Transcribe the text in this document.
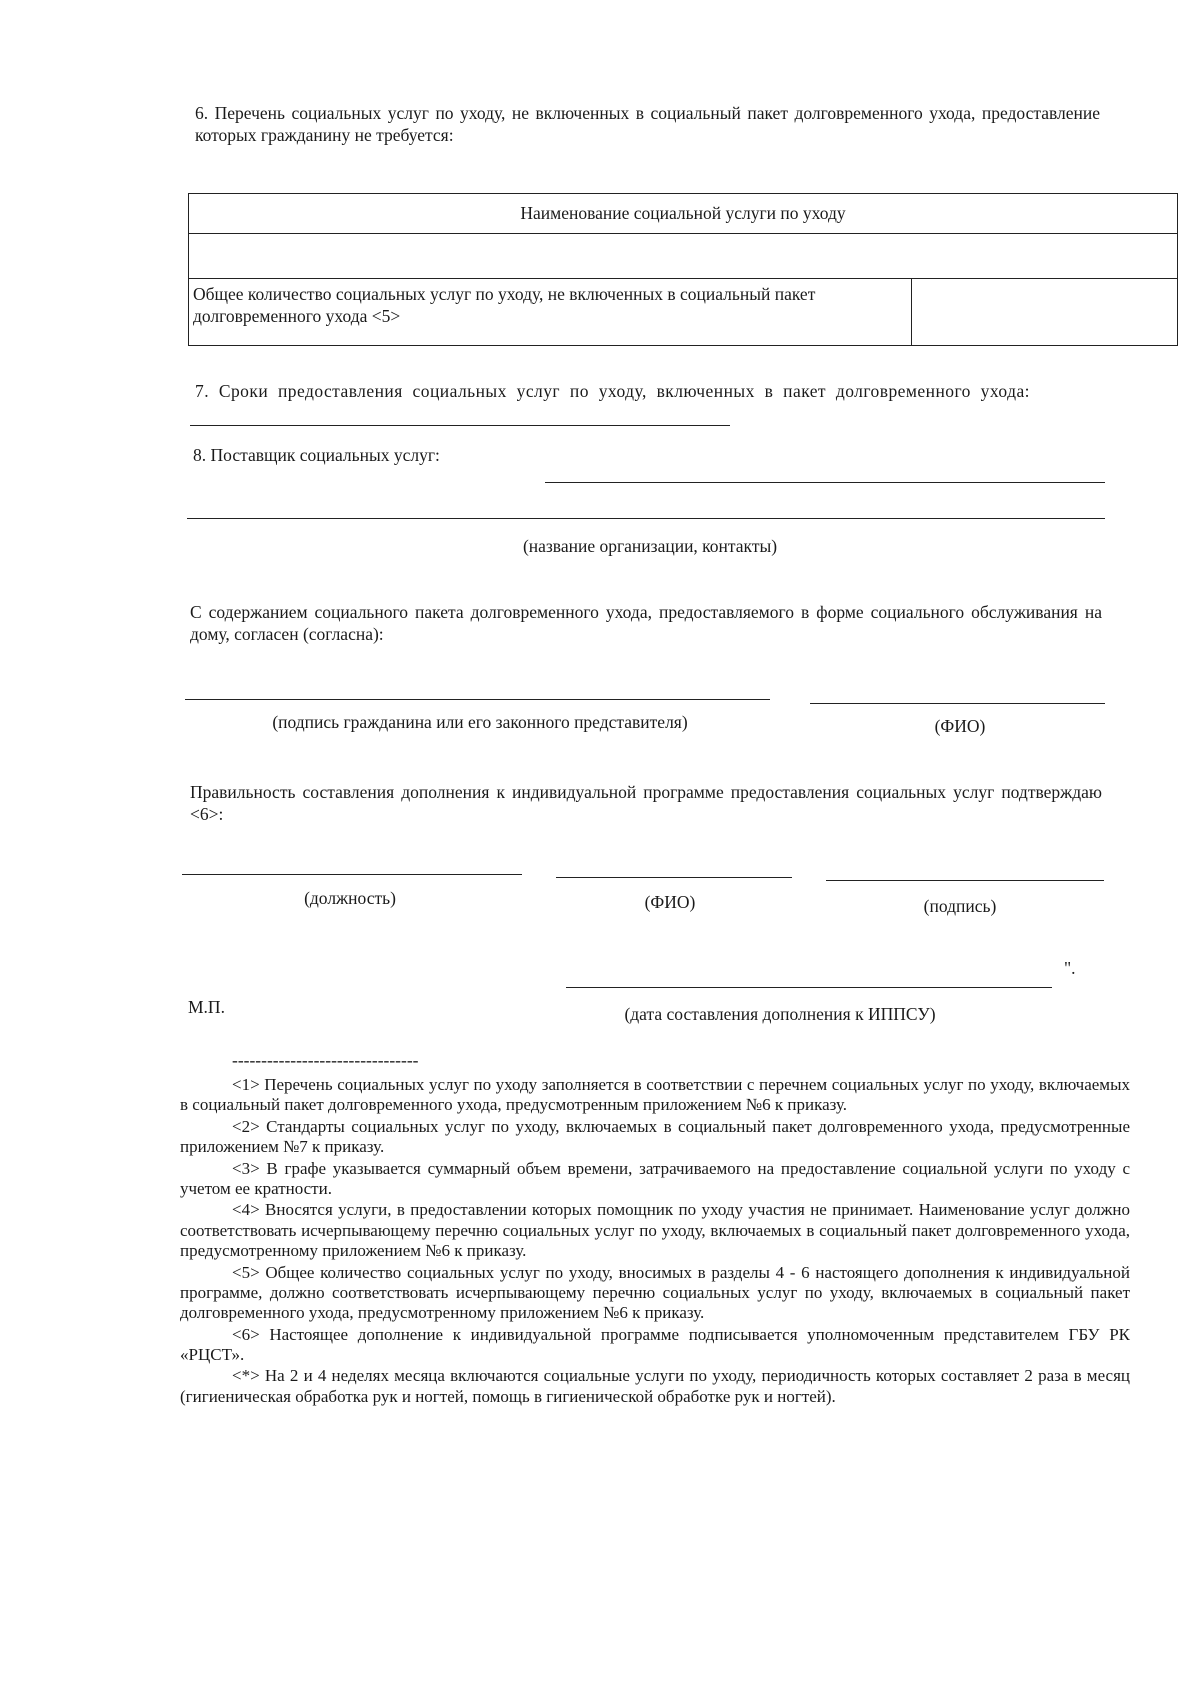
6. Перечень социальных услуг по уходу, не включенных в социальный пакет долговременного ухода, предоставление которых гражданину не требуется:
Наименование социальной услуги по уходу
Общее количество социальных услуг по уходу, не включенных в социальный пакет долговременного ухода <5>
7. Сроки предоставления социальных услуг по уходу, включенных в пакет долговременного ухода:
8. Поставщик социальных услуг:
(название организации, контакты)
С содержанием социального пакета долговременного ухода, предоставляемого в форме социального обслуживания на дому, согласен (согласна):
(подпись гражданина или его законного представителя)	(ФИО)
Правильность составления дополнения к индивидуальной программе предоставления социальных услуг подтверждаю <6>:
(должность)	(ФИО)	(подпись)
".
М.П.	(дата составления дополнения к ИППСУ)
--------------------------------

<1> Перечень социальных услуг по уходу заполняется в соответствии с перечнем социальных услуг по уходу, включаемых в социальный пакет долговременного ухода, предусмотренным приложением №6 к приказу.

<2> Стандарты социальных услуг по уходу, включаемых в социальный пакет долговременного ухода, предусмотренные приложением №7 к приказу.

<3> В графе указывается суммарный объем времени, затрачиваемого на предоставление социальной услуги по уходу с учетом ее кратности.

<4> Вносятся услуги, в предоставлении которых помощник по уходу участия не принимает. Наименование услуг должно соответствовать исчерпывающему перечню социальных услуг по уходу, включаемых в социальный пакет долговременного ухода, предусмотренному приложением №6 к приказу.

<5> Общее количество социальных услуг по уходу, вносимых в разделы 4 - 6 настоящего дополнения к индивидуальной программе, должно соответствовать исчерпывающему перечню социальных услуг по уходу, включаемых в социальный пакет долговременного ухода, предусмотренному приложением №6 к приказу.

<6> Настоящее дополнение к индивидуальной программе подписывается уполномоченным представителем ГБУ РК «РЦСТ».

<*> На 2 и 4 неделях месяца включаются социальные услуги по уходу, периодичность которых составляет 2 раза в месяц (гигиеническая обработка рук и ногтей, помощь в гигиенической обработке рук и ногтей).
